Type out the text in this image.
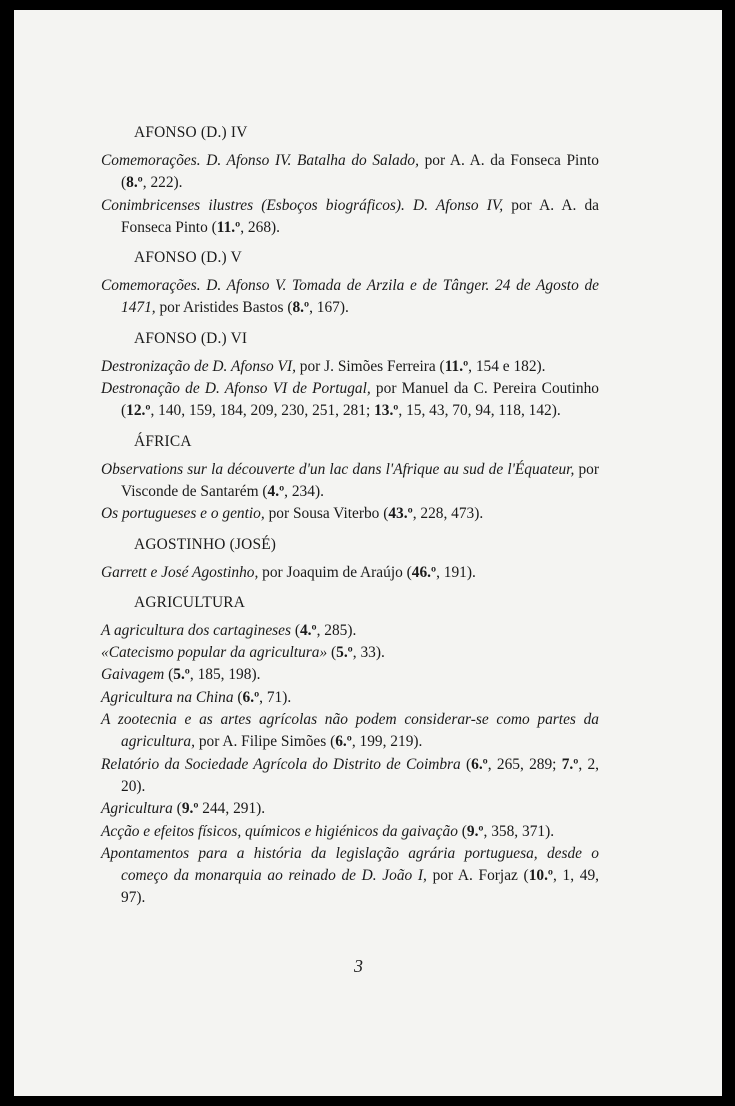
AFONSO (D.) IV

Comemorações. D. Afonso IV. Batalha do Salado, por A. A. da Fonseca Pinto (8.º, 222).

Conimbricenses ilustres (Esboços biográficos). D. Afonso IV, por A. A. da Fonseca Pinto (11.º, 268).

AFONSO (D.) V

Comemorações. D. Afonso V. Tomada de Arzila e de Tânger. 24 de Agosto de 1471, por Aristides Bastos (8.º, 167).

AFONSO (D.) VI

Destronização de D. Afonso VI, por J. Simões Ferreira (11.º, 154 e 182).

Destronação de D. Afonso VI de Portugal, por Manuel da C. Pereira Coutinho (12.º, 140, 159, 184, 209, 230, 251, 281; 13.º, 15, 43, 70, 94, 118, 142).

ÁFRICA

Observations sur la découverte d'un lac dans l'Afrique au sud de l'Équateur, por Visconde de Santarém (4.º, 234).

Os portugueses e o gentio, por Sousa Viterbo (43.º, 228, 473).

AGOSTINHO (JOSÉ)

Garrett e José Agostinho, por Joaquim de Araújo (46.º, 191).

AGRICULTURA

A agricultura dos cartagineses (4.º, 285).

«Catecismo popular da agricultura» (5.º, 33).

Gaivagem (5.º, 185, 198).

Agricultura na China (6.º, 71).

A zootecnia e as artes agrícolas não podem considerar-se como partes da agricultura, por A. Filipe Simões (6.º, 199, 219).

Relatório da Sociedade Agrícola do Distrito de Coimbra (6.º, 265, 289; 7.º, 2, 20).

Agricultura (9.º 244, 291).

Acção e efeitos físicos, químicos e higiénicos da gaivação (9.º, 358, 371).

Apontamentos para a história da legislação agrária portuguesa, desde o começo da monarquia ao reinado de D. João I, por A. Forjaz (10.º, 1, 49, 97).

3
